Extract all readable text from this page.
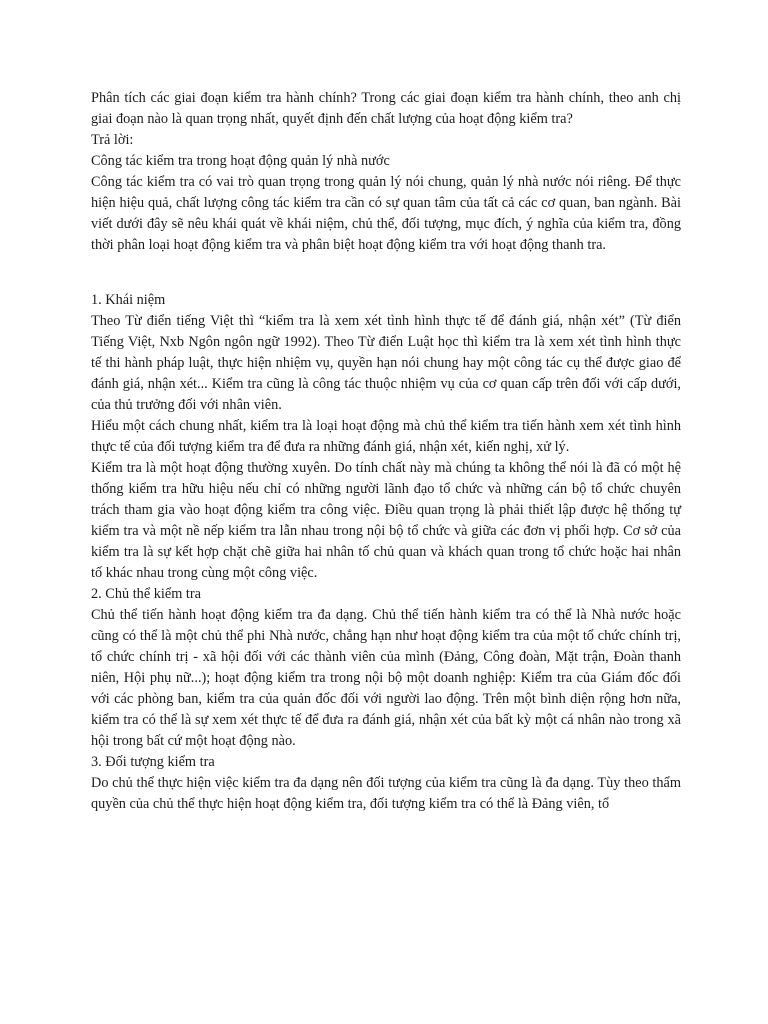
Phân tích các giai đoạn kiểm tra hành chính? Trong các giai đoạn kiểm tra hành chính, theo anh chị giai đoạn nào là quan trọng nhất, quyết định đến chất lượng của hoạt động kiểm tra?

Trả lời:

Công tác kiểm tra trong hoạt động quản lý nhà nước

Công tác kiểm tra có vai trò quan trọng trong quản lý nói chung, quản lý nhà nước nói riêng. Để thực hiện hiệu quả, chất lượng công tác kiểm tra cần có sự quan tâm của tất cả các cơ quan, ban ngành. Bài viết dưới đây sẽ nêu khái quát về khái niệm, chủ thể, đối tượng, mục đích, ý nghĩa của kiểm tra, đồng thời phân loại hoạt động kiểm tra và phân biệt hoạt động kiểm tra với hoạt động thanh tra.

1. Khái niệm

Theo Từ điển tiếng Việt thì “kiểm tra là xem xét tình hình thực tế để đánh giá, nhận xét” (Từ điển Tiếng Việt, Nxb Ngôn ngôn ngữ 1992). Theo Từ điển Luật học thì kiểm tra là xem xét tình hình thực tế thi hành pháp luật, thực hiện nhiệm vụ, quyền hạn nói chung hay một công tác cụ thể được giao để đánh giá, nhận xét... Kiểm tra cũng là công tác thuộc nhiệm vụ của cơ quan cấp trên đối với cấp dưới, của thủ trưởng đối với nhân viên.

Hiểu một cách chung nhất, kiểm tra là loại hoạt động mà chủ thể kiểm tra tiến hành xem xét tình hình thực tế của đối tượng kiểm tra để đưa ra những đánh giá, nhận xét, kiến nghị, xử lý.

Kiểm tra là một hoạt động thường xuyên. Do tính chất này mà chúng ta không thể nói là đã có một hệ thống kiểm tra hữu hiệu nếu chỉ có những người lãnh đạo tổ chức và những cán bộ tổ chức chuyên trách tham gia vào hoạt động kiểm tra công việc. Điều quan trọng là phải thiết lập được hệ thống tự kiểm tra và một nề nếp kiểm tra lẫn nhau trong nội bộ tổ chức và giữa các đơn vị phối hợp. Cơ sở của kiểm tra là sự kết hợp chặt chẽ giữa hai nhân tố chủ quan và khách quan trong tổ chức hoặc hai nhân tố khác nhau trong cùng một công việc.

2. Chủ thể kiểm tra

Chủ thể tiến hành hoạt động kiểm tra đa dạng. Chủ thể tiến hành kiểm tra có thể là Nhà nước hoặc cũng có thể là một chủ thể phi Nhà nước, chẳng hạn như hoạt động kiểm tra của một tổ chức chính trị, tổ chức chính trị - xã hội đối với các thành viên của mình (Đảng, Công đoàn, Mặt trận, Đoàn thanh niên, Hội phụ nữ...); hoạt động kiểm tra trong nội bộ một doanh nghiệp: Kiểm tra của Giám đốc đối với các phòng ban, kiểm tra của quản đốc đối với người lao động. Trên một bình diện rộng hơn nữa, kiểm tra có thể là sự xem xét thực tế để đưa ra đánh giá, nhận xét của bất kỳ một cá nhân nào trong xã hội trong bất cứ một hoạt động nào.

3. Đối tượng kiểm tra

Do chủ thể thực hiện việc kiểm tra đa dạng nên đối tượng của kiểm tra cũng là đa dạng. Tùy theo thẩm quyền của chủ thể thực hiện hoạt động kiểm tra, đối tượng kiểm tra có thể là Đảng viên, tổ
